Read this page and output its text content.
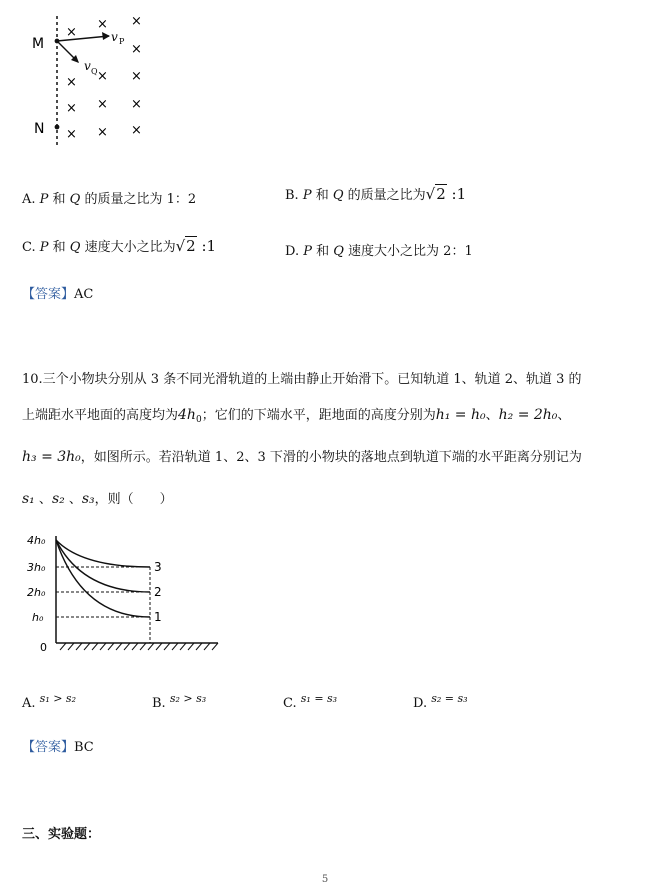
M
N
v P
v Q
×
× ×
×
× × ×
× × ×
× × ×
A. P 和 Q 的质量之比为 1：2	B. P 和 Q 的质量之比为√2 :1
C. P 和 Q 速度大小之比为√2 :1	D. P 和 Q 速度大小之比为 2：1
【答案】AC
10.三个小物块分别从 3 条不同光滑轨道的上端由静止开始滑下。已知轨道 1、轨道 2、轨道 3 的
上端距水平地面的高度均为$4h_0$；它们的下端水平，距地面的高度分别为h₁ = h₀、h₂ = 2h₀、
h₃ = 3h₀，如图所示。若沿轨道 1、2、3 下滑的小物块的落地点到轨道下端的水平距离分别记为
s₁ 、s₂ 、s₃，则（　　）
4h₀
3h₀
2h₀
h₀
0
3
2
1
A. $^{s_1 > s_2}$	B. $^{s_2 > s_3}$	C. $^{s_1 = s_3}$	D. $^{s_2 = s_3}$
【答案】BC
三、实验题：
5
